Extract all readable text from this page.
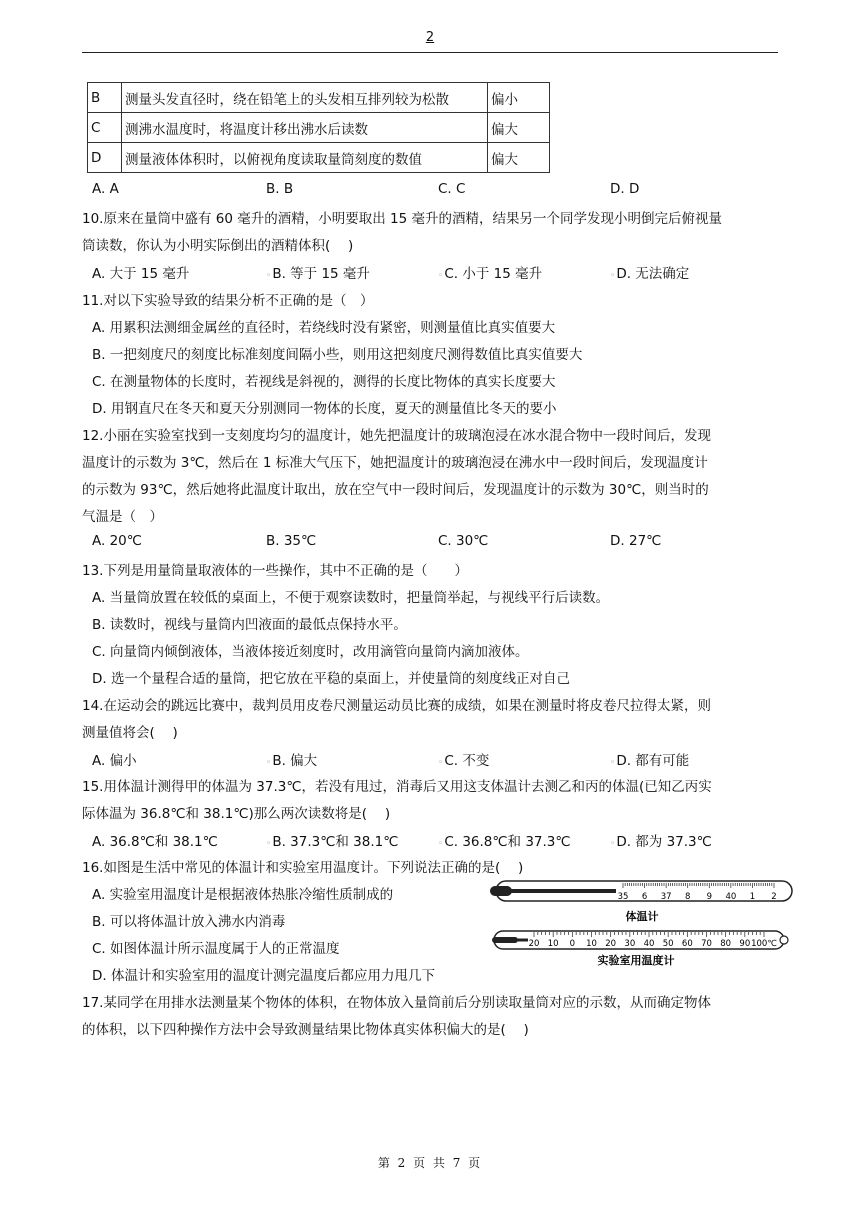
2
B	测量头发直径时，绕在铅笔上的头发相互排列较为松散	偏小
C	测沸水温度时，将温度计移出沸水后读数	偏大
D	测量液体体积时，以俯视角度读取量筒刻度的数值	偏大
A. A	B. B	C. C	D. D
10.原来在量筒中盛有 60 毫升的酒精，小明要取出 15 毫升的酒精，结果另一个同学发现小明倒完后俯视量
筒读数，你认为小明实际倒出的酒精体积(　 )
A. 大于 15 毫升	◦B. 等于 15 毫升	◦C. 小于 15 毫升	◦D. 无法确定
11.对以下实验导致的结果分析不正确的是（　）
A. 用累积法测细金属丝的直径时，若绕线时没有紧密，则测量值比真实值要大
B. 一把刻度尺的刻度比标准刻度间隔小些，则用这把刻度尺测得数值比真实值要大
C. 在测量物体的长度时，若视线是斜视的，测得的长度比物体的真实长度要大
D. 用钢直尺在冬天和夏天分别测同一物体的长度，夏天的测量值比冬天的要小
12.小丽在实验室找到一支刻度均匀的温度计，她先把温度计的玻璃泡浸在冰水混合物中一段时间后，发现
温度计的示数为 3℃，然后在 1 标准大气压下，她把温度计的玻璃泡浸在沸水中一段时间后，发现温度计
的示数为 93℃，然后她将此温度计取出，放在空气中一段时间后，发现温度计的示数为 30℃，则当时的
气温是（　）
A. 20℃	B. 35℃	C. 30℃	D. 27℃
13.下列是用量筒量取液体的一些操作，其中不正确的是（　　）
A. 当量筒放置在较低的桌面上，不便于观察读数时，把量筒举起，与视线平行后读数。
B. 读数时，视线与量筒内凹液面的最低点保持水平。
C. 向量筒内倾倒液体，当液体接近刻度时，改用滴管向量筒内滴加液体。
D. 选一个量程合适的量筒，把它放在平稳的桌面上，并使量筒的刻度线正对自己
14.在运动会的跳远比赛中，裁判员用皮卷尺测量运动员比赛的成绩，如果在测量时将皮卷尺拉得太紧，则
测量值将会(　 )
A. 偏小	◦B. 偏大	◦C. 不变	◦D. 都有可能
15.用体温计测得甲的体温为 37.3℃，若没有甩过，消毒后又用这支体温计去测乙和丙的体温(已知乙丙实
际体温为 36.8℃和 38.1℃)那么两次读数将是(　 )
A. 36.8℃和 38.1℃	◦B. 37.3℃和 38.1℃	◦C. 36.8℃和 37.3℃	◦D. 都为 37.3℃
16.如图是生活中常见的体温计和实验室用温度计。下列说法正确的是(　 )
A. 实验室用温度计是根据液体热胀冷缩性质制成的
B. 可以将体温计放入沸水内消毒
C. 如图体温计所示温度属于人的正常温度
D. 体温计和实验室用的温度计测完温度后都应用力甩几下
35 6 37 8 9 40 1 2
体温计
20 10 0 10 20 30 40 50 60 70 80 90 100℃
实验室用温度计
17.某同学在用排水法测量某个物体的体积，在物体放入量筒前后分别读取量筒对应的示数，从而确定物体
的体积，以下四种操作方法中会导致测量结果比物体真实体积偏大的是(　 )
第 2 页 共 7 页
